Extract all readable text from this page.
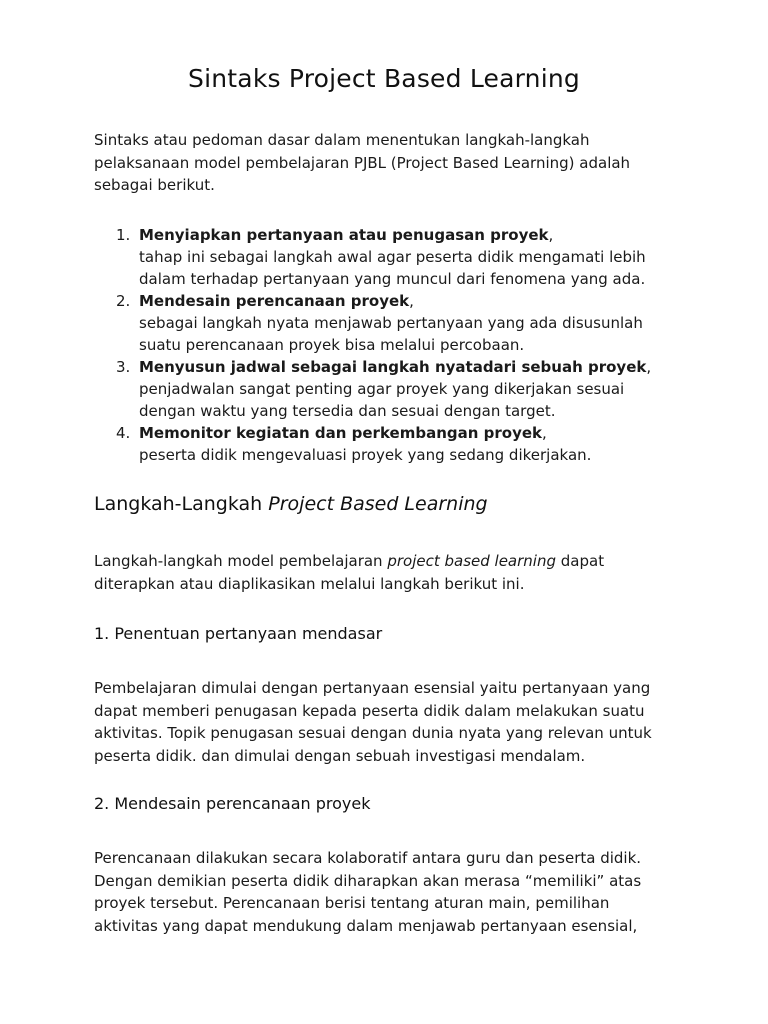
Sintaks Project Based Learning

Sintaks atau pedoman dasar dalam menentukan langkah-langkah pelaksanaan model pembelajaran PJBL (Project Based Learning) adalah sebagai berikut.

1. Menyiapkan pertanyaan atau penugasan proyek,
tahap ini sebagai langkah awal agar peserta didik mengamati lebih dalam terhadap pertanyaan yang muncul dari fenomena yang ada.
2. Mendesain perencanaan proyek,
sebagai langkah nyata menjawab pertanyaan yang ada disusunlah suatu perencanaan proyek bisa melalui percobaan.
3. Menyusun jadwal sebagai langkah nyatadari sebuah proyek,
penjadwalan sangat penting agar proyek yang dikerjakan sesuai dengan waktu yang tersedia dan sesuai dengan target.
4. Memonitor kegiatan dan perkembangan proyek,
peserta didik mengevaluasi proyek yang sedang dikerjakan.
Langkah-Langkah Project Based Learning

Langkah-langkah model pembelajaran project based learning dapat diterapkan atau diaplikasikan melalui langkah berikut ini.

1. Penentuan pertanyaan mendasar

Pembelajaran dimulai dengan pertanyaan esensial yaitu pertanyaan yang dapat memberi penugasan kepada peserta didik dalam melakukan suatu aktivitas. Topik penugasan sesuai dengan dunia nyata yang relevan untuk peserta didik. dan dimulai dengan sebuah investigasi mendalam.

2. Mendesain perencanaan proyek

Perencanaan dilakukan secara kolaboratif antara guru dan peserta didik. Dengan demikian peserta didik diharapkan akan merasa “memiliki” atas proyek tersebut. Perencanaan berisi tentang aturan main, pemilihan aktivitas yang dapat mendukung dalam menjawab pertanyaan esensial,
